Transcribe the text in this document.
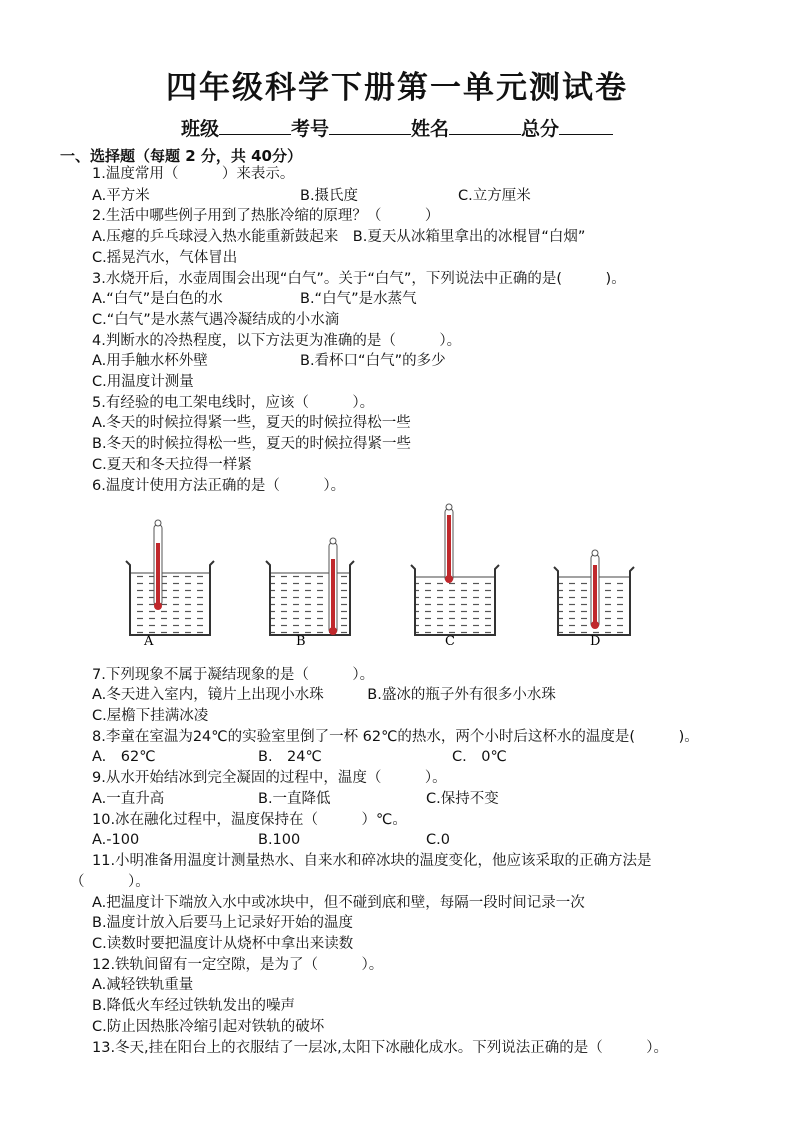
四年级科学下册第一单元测试卷
班级	考号	姓名	总分
一、选择题（每题 2 分，共 40分）
1.温度常用（　　　）来表示。
A.平方米	B.摄氏度	C.立方厘米
2.生活中哪些例子用到了热胀冷缩的原理？（　　　）
A.压瘪的乒乓球浸入热水能重新鼓起来　B.夏天从冰箱里拿出的冰棍冒“白烟”
C.摇晃汽水，气体冒出
3.水烧开后，水壶周围会出现“白气”。关于“白气”，下列说法中正确的是(　　　)。
A.“白气”是白色的水	B.“白气”是水蒸气
C.“白气”是水蒸气遇冷凝结成的小水滴
4.判断水的冷热程度，以下方法更为准确的是（　　　）。
A.用手触水杯外壁	B.看杯口“白气”的多少
C.用温度计测量
5.有经验的电工架电线时，应该（　　　）。
A.冬天的时候拉得紧一些，夏天的时候拉得松一些
B.冬天的时候拉得松一些，夏天的时候拉得紧一些
C.夏天和冬天拉得一样紧
6.温度计使用方法正确的是（　　　）。
A	B	C	D
7.下列现象不属于凝结现象的是（　　　）。
A.冬天进入室内，镜片上出现小水珠　　　B.盛冰的瓶子外有很多小水珠
C.屋檐下挂满冰凌
8.李童在室温为24℃的实验室里倒了一杯 62℃的热水，两个小时后这杯水的温度是(　　　)。
A.　62℃	B.　24℃	C.　0℃
9.从水开始结冰到完全凝固的过程中，温度（　　　）。
A.一直升高	B.一直降低	C.保持不变
10.冰在融化过程中，温度保持在（　　　）℃。
A.-100	B.100	C.0
11.小明准备用温度计测量热水、自来水和碎冰块的温度变化，他应该采取的正确方法是
（　　　）。
A.把温度计下端放入水中或冰块中，但不碰到底和壁，每隔一段时间记录一次
B.温度计放入后要马上记录好开始的温度
C.读数时要把温度计从烧杯中拿出来读数
12.铁轨间留有一定空隙，是为了（　　　）。
A.减轻铁轨重量
B.降低火车经过铁轨发出的噪声
C.防止因热胀冷缩引起对铁轨的破坏
13.冬天,挂在阳台上的衣服结了一层冰,太阳下冰融化成水。下列说法正确的是（　　　）。
